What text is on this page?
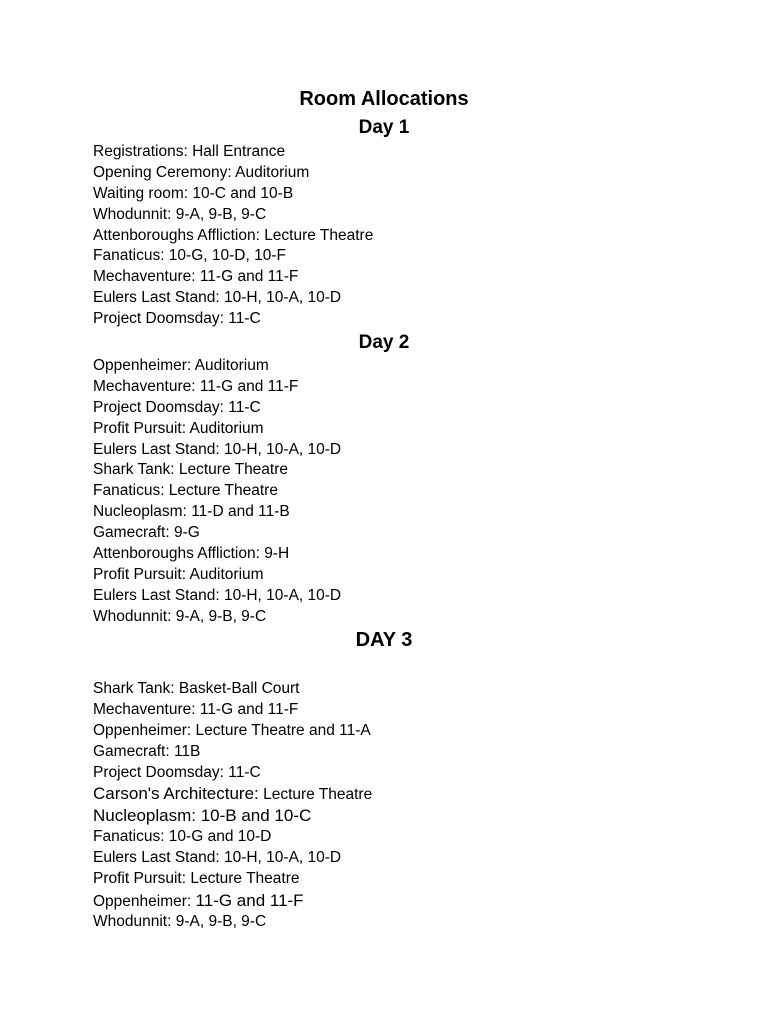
Room Allocations
Day 1
Registrations: Hall Entrance
Opening Ceremony: Auditorium
Waiting room: 10-C and 10-B
Whodunnit: 9-A, 9-B, 9-C
Attenboroughs Affliction: Lecture Theatre
Fanaticus: 10-G, 10-D, 10-F
Mechaventure: 11-G and 11-F
Eulers Last Stand: 10-H, 10-A, 10-D
Project Doomsday: 11-C
Day 2
Oppenheimer: Auditorium
Mechaventure: 11-G and 11-F
Project Doomsday: 11-C
Profit Pursuit: Auditorium
Eulers Last Stand: 10-H, 10-A, 10-D
Shark Tank: Lecture Theatre
Fanaticus: Lecture Theatre
Nucleoplasm: 11-D and 11-B
Gamecraft: 9-G
Attenboroughs Affliction: 9-H
Profit Pursuit: Auditorium
Eulers Last Stand: 10-H, 10-A, 10-D
Whodunnit: 9-A, 9-B, 9-C
DAY 3
Shark Tank: Basket-Ball Court
Mechaventure: 11-G and 11-F
Oppenheimer: Lecture Theatre and 11-A
Gamecraft: 11B
Project Doomsday: 11-C
Carson's Architecture: Lecture Theatre
Nucleoplasm: 10-B and 10-C
Fanaticus: 10-G and 10-D
Eulers Last Stand: 10-H, 10-A, 10-D
Profit Pursuit: Lecture Theatre
Oppenheimer: 11-G and 11-F
Whodunnit: 9-A, 9-B, 9-C
